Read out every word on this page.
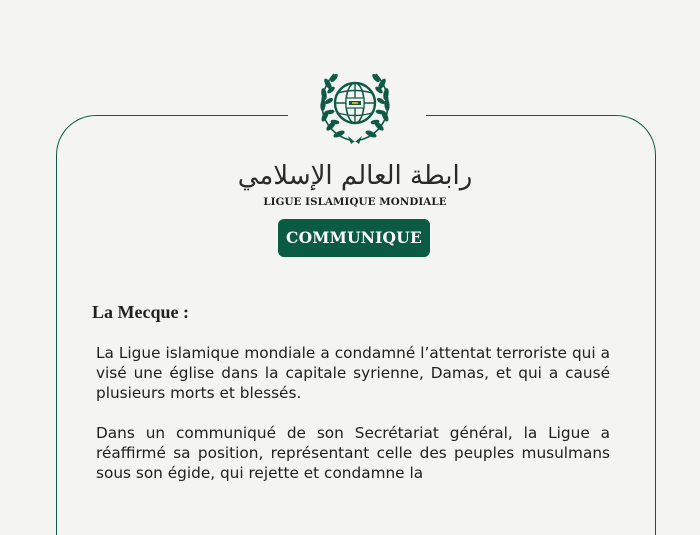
رابطة العالم الإسلامي
LIGUE ISLAMIQUE MONDIALE
COMMUNIQUE
La Mecque :

La Ligue islamique mondiale a condamné l’attentat terroriste qui a visé une église dans la capitale syrienne, Damas, et qui a causé plusieurs morts et blessés.

Dans un communiqué de son Secrétariat général, la Ligue a réaffirmé sa position, représentant celle des peuples musulmans sous son égide, qui rejette et condamne la
